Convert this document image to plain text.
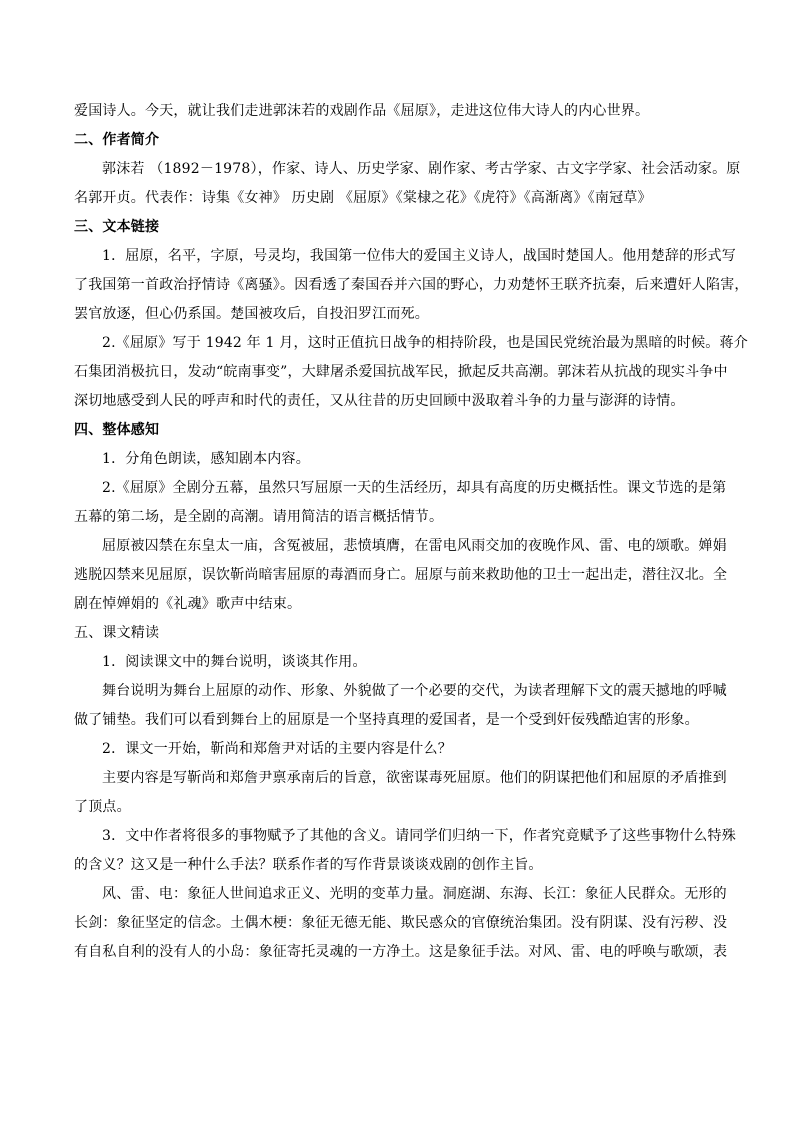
爱国诗人。今天，就让我们走进郭沫若的戏剧作品《屈原》，走进这位伟大诗人的内心世界。
二、作者简介
郭沫若 （1892－1978），作家、诗人、历史学家、剧作家、考古学家、古文字学家、社会活动家。原
名郭开贞。代表作：诗集《女神》 历史剧 《屈原》《棠棣之花》《虎符》《高渐离》《南冠草》
三、文本链接
1．屈原，名平，字原，号灵均，我国第一位伟大的爱国主义诗人，战国时楚国人。他用楚辞的形式写
了我国第一首政治抒情诗《离骚》。因看透了秦国吞并六国的野心，力劝楚怀王联齐抗秦，后来遭奸人陷害，
罢官放逐，但心仍系国。楚国被攻后，自投汨罗江而死。
2.《屈原》写于 1942 年 1 月，这时正值抗日战争的相持阶段，也是国民党统治最为黑暗的时候。蒋介
石集团消极抗日，发动“皖南事变”，大肆屠杀爱国抗战军民，掀起反共高潮。郭沫若从抗战的现实斗争中
深切地感受到人民的呼声和时代的责任，又从往昔的历史回顾中汲取着斗争的力量与澎湃的诗情。
四、整体感知
1．分角色朗读，感知剧本内容。
2.《屈原》全剧分五幕，虽然只写屈原一天的生活经历，却具有高度的历史概括性。课文节选的是第
五幕的第二场，是全剧的高潮。请用简洁的语言概括情节。
屈原被囚禁在东皇太一庙，含冤被屈，悲愤填膺，在雷电风雨交加的夜晚作风、雷、电的颂歌。婵娟
逃脱囚禁来见屈原，误饮靳尚暗害屈原的毒酒而身亡。屈原与前来救助他的卫士一起出走，潜往汉北。全
剧在悼婵娟的《礼魂》歌声中结束。
五、课文精读
1．阅读课文中的舞台说明，谈谈其作用。
舞台说明为舞台上屈原的动作、形象、外貌做了一个必要的交代，为读者理解下文的震天撼地的呼喊
做了铺垫。我们可以看到舞台上的屈原是一个坚持真理的爱国者，是一个受到奸佞残酷迫害的形象。
2．课文一开始，靳尚和郑詹尹对话的主要内容是什么？
主要内容是写靳尚和郑詹尹禀承南后的旨意，欲密谋毒死屈原。他们的阴谋把他们和屈原的矛盾推到
了顶点。
3．文中作者将很多的事物赋予了其他的含义。请同学们归纳一下，作者究竟赋予了这些事物什么特殊
的含义？这又是一种什么手法？联系作者的写作背景谈谈戏剧的创作主旨。
风、雷、电：象征人世间追求正义、光明的变革力量。洞庭湖、东海、长江：象征人民群众。无形的
长剑：象征坚定的信念。土偶木梗：象征无德无能、欺民惑众的官僚统治集团。没有阴谋、没有污秽、没
有自私自利的没有人的小岛：象征寄托灵魂的一方净土。这是象征手法。对风、雷、电的呼唤与歌颂，表
